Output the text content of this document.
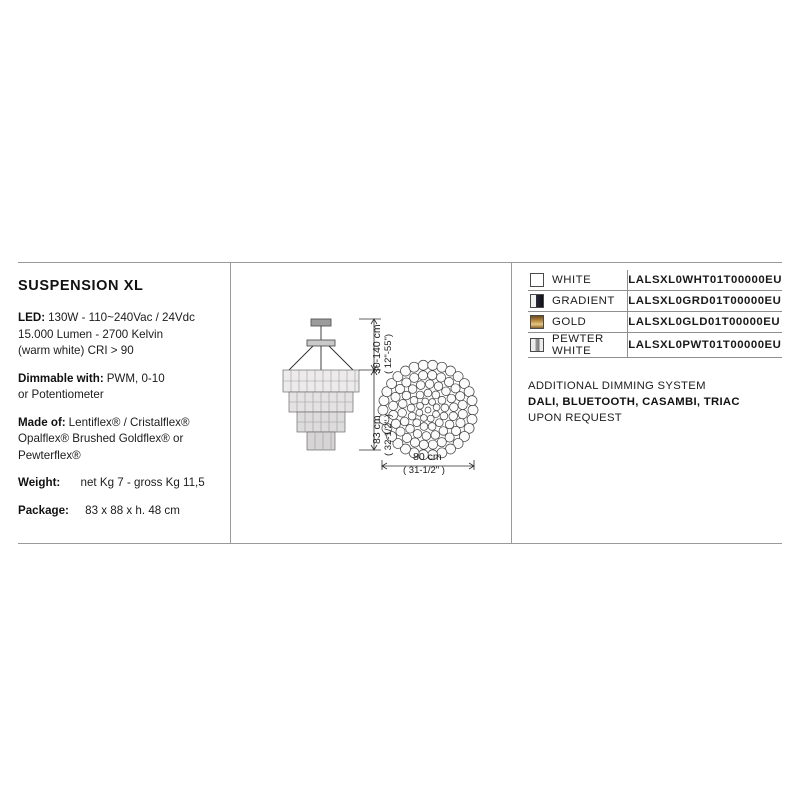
SUSPENSION XL
LED: 130W - 110~240Vac / 24Vdc
15.000 Lumen - 2700 Kelvin
(warm white) CRI > 90
Dimmable with: PWM, 0-10
or Potentiometer
Made of: Lentiflex® / Cristalflex®
Opalflex® Brushed Goldflex® or Pewterflex®
Weight: net Kg 7 - gross Kg 11,5
Package: 83 x 88 x h. 48 cm
30-140 cm ( 12"-55")
83 cm ( 32-1/2" )
80 cm
( 31-1/2" )
WHITE	LALSXL0WHT01T00000EU

GRADIENT	LALSXL0GRD01T00000EU

GOLD	LALSXL0GLD01T00000EU

PEWTER WHITE	LALSXL0PWT01T00000EU
ADDITIONAL DIMMING SYSTEM
DALI, BLUETOOTH, CASAMBI, TRIAC
UPON REQUEST
